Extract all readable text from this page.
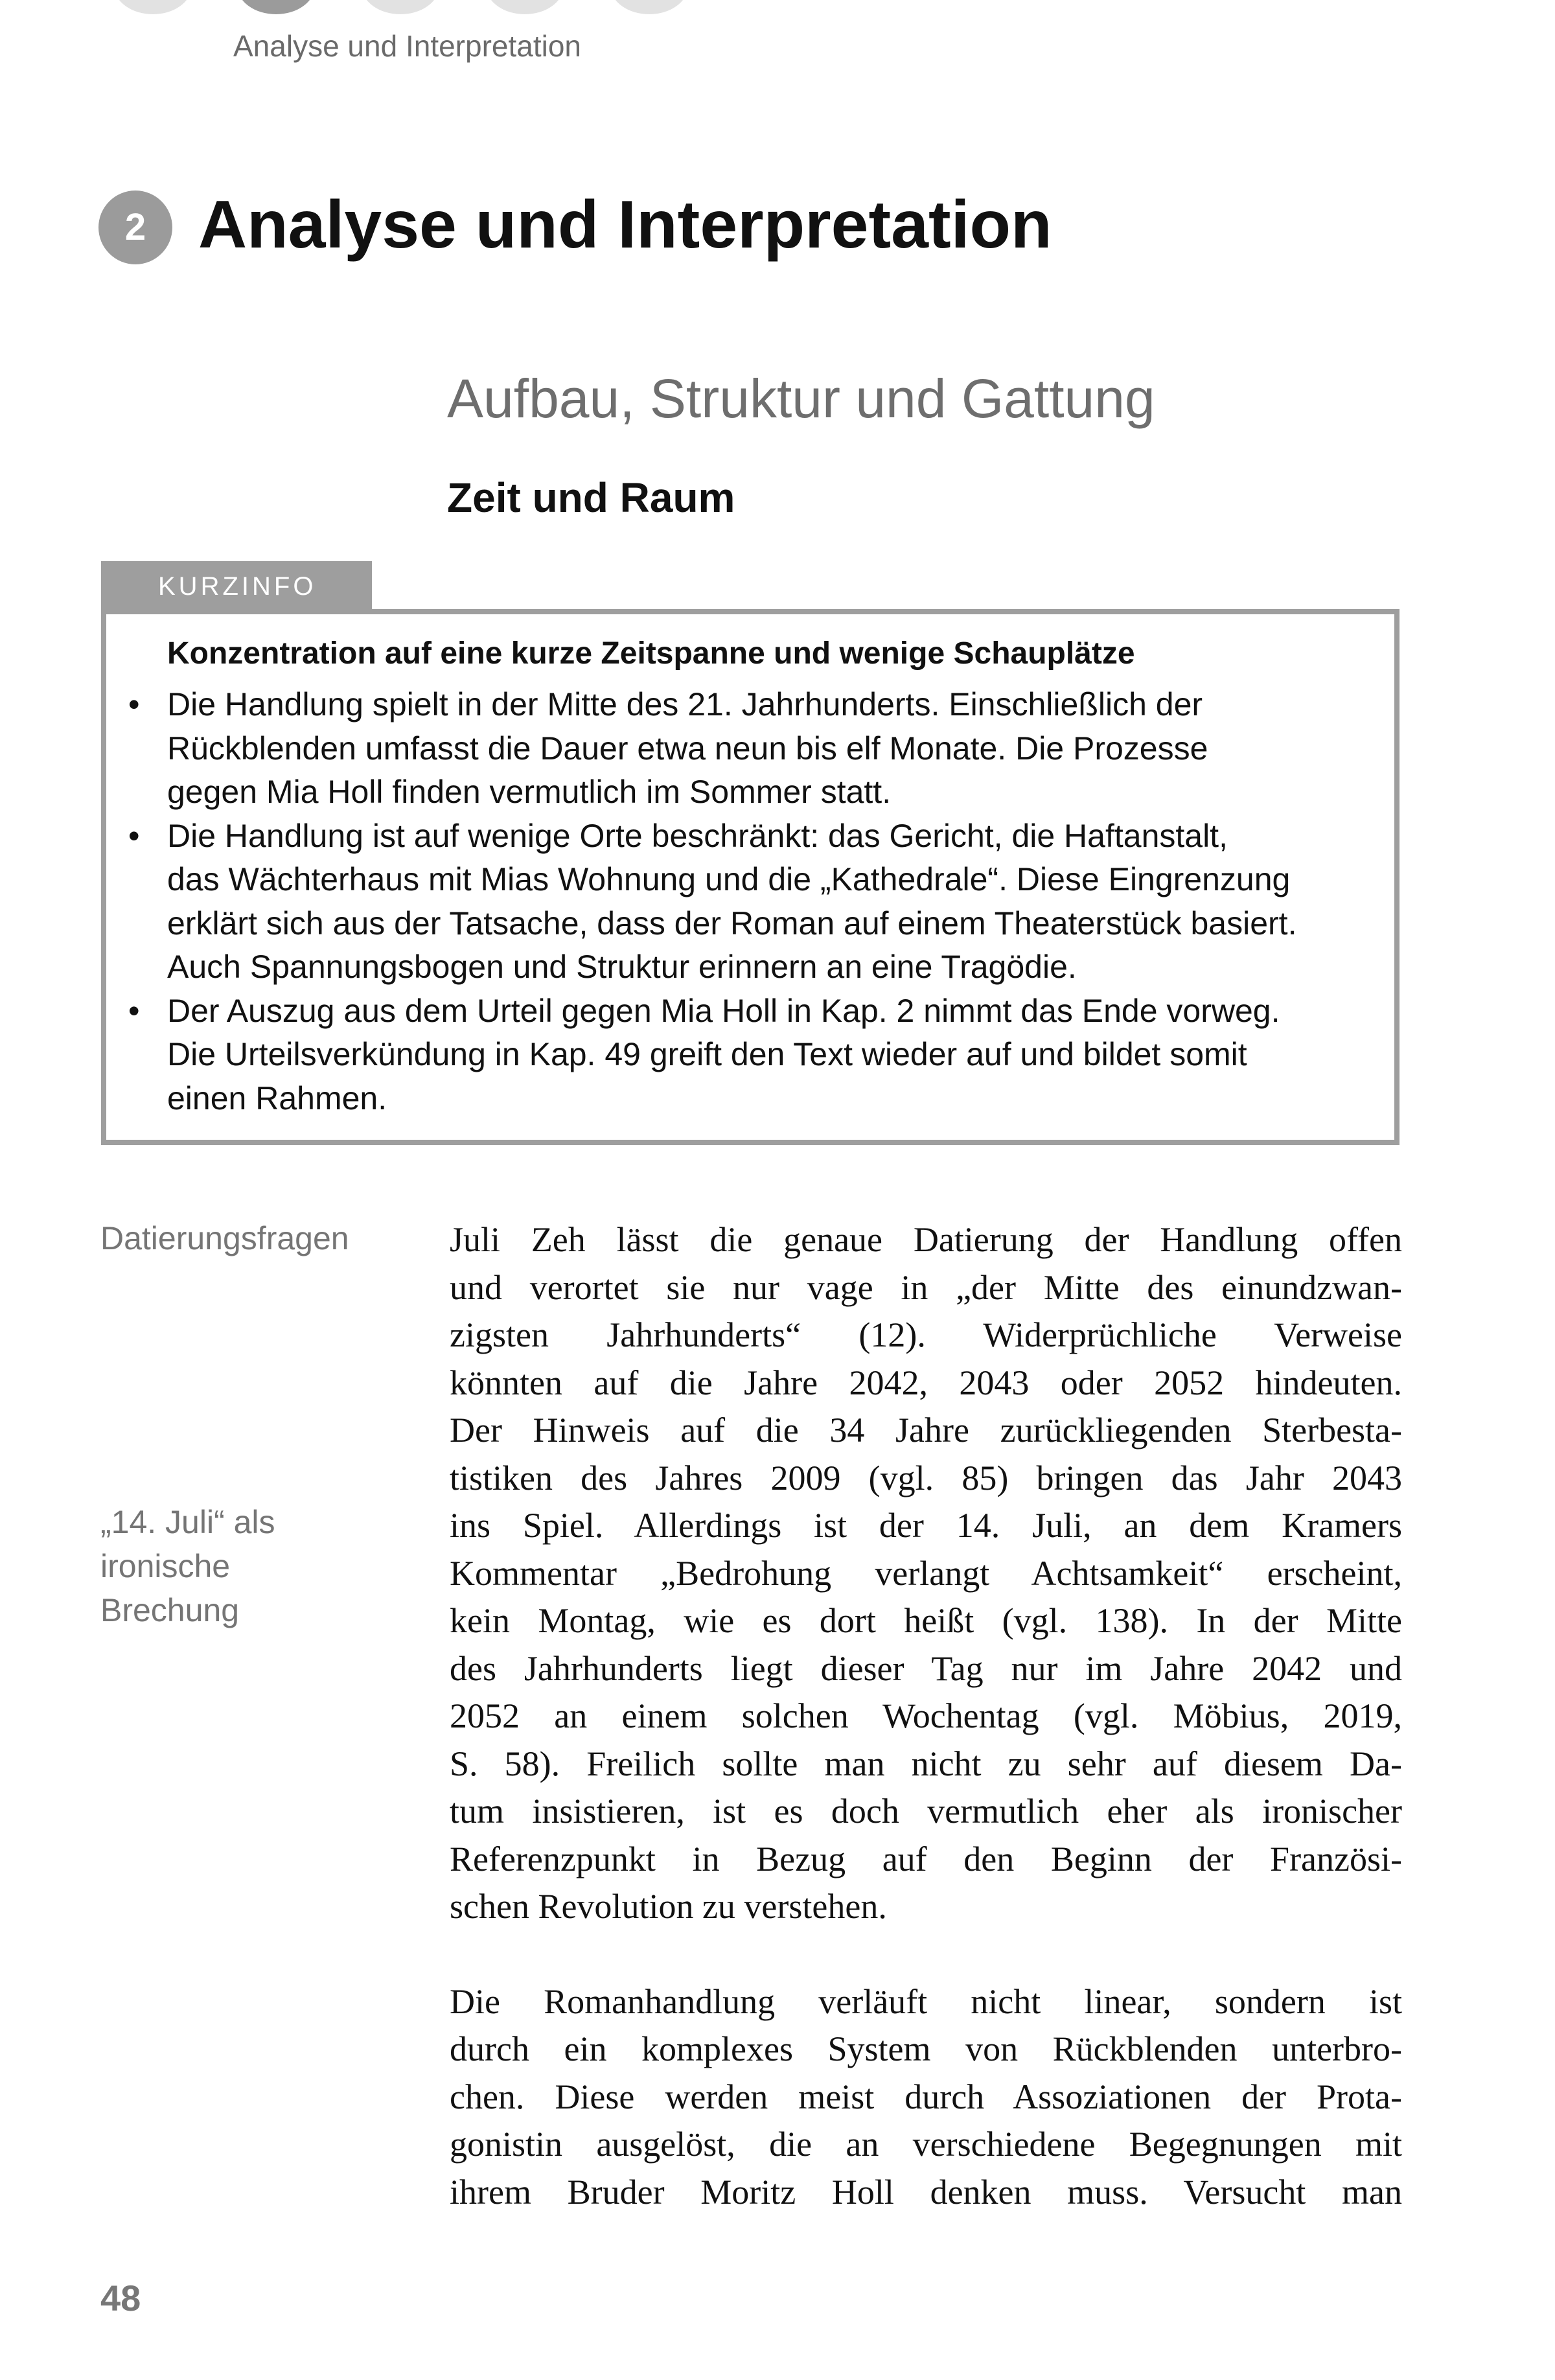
Analyse und Interpretation
2 Analyse und Interpretation
Aufbau, Struktur und Gattung
Zeit und Raum
KURZINFO
Konzentration auf eine kurze Zeitspanne und wenige Schauplätze
• Die Handlung spielt in der Mitte des 21. Jahrhunderts. Einschließlich der
Rückblenden umfasst die Dauer etwa neun bis elf Monate. Die Prozesse
gegen Mia Holl finden vermutlich im Sommer statt.
• Die Handlung ist auf wenige Orte beschränkt: das Gericht, die Haftanstalt,
das Wächterhaus mit Mias Wohnung und die „Kathedrale“. Diese Eingrenzung
erklärt sich aus der Tatsache, dass der Roman auf einem Theaterstück basiert.
Auch Spannungsbogen und Struktur erinnern an eine Tragödie.
• Der Auszug aus dem Urteil gegen Mia Holl in Kap. 2 nimmt das Ende vorweg.
Die Urteilsverkündung in Kap. 49 greift den Text wieder auf und bildet somit
einen Rahmen.
Datierungsfragen
„14. Juli“ als
ironische
Brechung

Juli Zeh lässt die genaue Datierung der Handlung offen
und verortet sie nur vage in „der Mitte des einundzwan-
zigsten Jahrhunderts“ (12). Widerprüchliche Verweise
könnten auf die Jahre 2042, 2043 oder 2052 hindeuten.
Der Hinweis auf die 34 Jahre zurückliegenden Sterbesta-
tistiken des Jahres 2009 (vgl. 85) bringen das Jahr 2043
ins Spiel. Allerdings ist der 14. Juli, an dem Kramers
Kommentar „Bedrohung verlangt Achtsamkeit“ erscheint,
kein Montag, wie es dort heißt (vgl. 138). In der Mitte
des Jahrhunderts liegt dieser Tag nur im Jahre 2042 und
2052 an einem solchen Wochentag (vgl. Möbius, 2019,
S. 58). Freilich sollte man nicht zu sehr auf diesem Da-
tum insistieren, ist es doch vermutlich eher als ironischer
Referenzpunkt in Bezug auf den Beginn der Französi-
schen Revolution zu verstehen.

Die Romanhandlung verläuft nicht linear, sondern ist
durch ein komplexes System von Rückblenden unterbro-
chen. Diese werden meist durch Assoziationen der Prota-
gonistin ausgelöst, die an verschiedene Begegnungen mit
ihrem Bruder Moritz Holl denken muss. Versucht man

48
